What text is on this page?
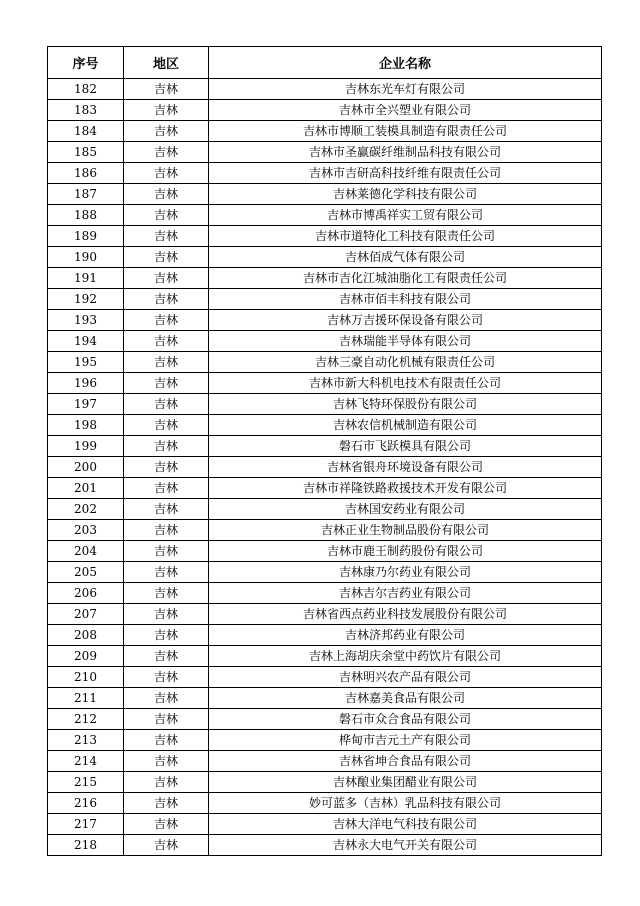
序号	地区	企业名称
182	吉林	吉林东光车灯有限公司
183	吉林	吉林市全兴塑业有限公司
184	吉林	吉林市博顺工装模具制造有限责任公司
185	吉林	吉林市圣赢碳纤维制品科技有限公司
186	吉林	吉林市吉研高科技纤维有限责任公司
187	吉林	吉林莱德化学科技有限公司
188	吉林	吉林市博禹祥实工贸有限公司
189	吉林	吉林市道特化工科技有限责任公司
190	吉林	吉林佰成气体有限公司
191	吉林	吉林市吉化江城油脂化工有限责任公司
192	吉林	吉林市佰丰科技有限公司
193	吉林	吉林万吉援环保设备有限公司
194	吉林	吉林瑞能半导体有限公司
195	吉林	吉林三豪自动化机械有限责任公司
196	吉林	吉林市新大科机电技术有限责任公司
197	吉林	吉林飞特环保股份有限公司
198	吉林	吉林农信机械制造有限公司
199	吉林	磐石市飞跃模具有限公司
200	吉林	吉林省银舟环境设备有限公司
201	吉林	吉林市祥隆铁路救援技术开发有限公司
202	吉林	吉林国安药业有限公司
203	吉林	吉林正业生物制品股份有限公司
204	吉林	吉林市鹿王制药股份有限公司
205	吉林	吉林康乃尔药业有限公司
206	吉林	吉林吉尔吉药业有限公司
207	吉林	吉林省西点药业科技发展股份有限公司
208	吉林	吉林济邦药业有限公司
209	吉林	吉林上海胡庆余堂中药饮片有限公司
210	吉林	吉林明兴农产品有限公司
211	吉林	吉林嘉美食品有限公司
212	吉林	磐石市众合食品有限公司
213	吉林	桦甸市吉元土产有限公司
214	吉林	吉林省坤合食品有限公司
215	吉林	吉林酿业集团醋业有限公司
216	吉林	妙可蓝多（吉林）乳品科技有限公司
217	吉林	吉林大洋电气科技有限公司
218	吉林	吉林永大电气开关有限公司
